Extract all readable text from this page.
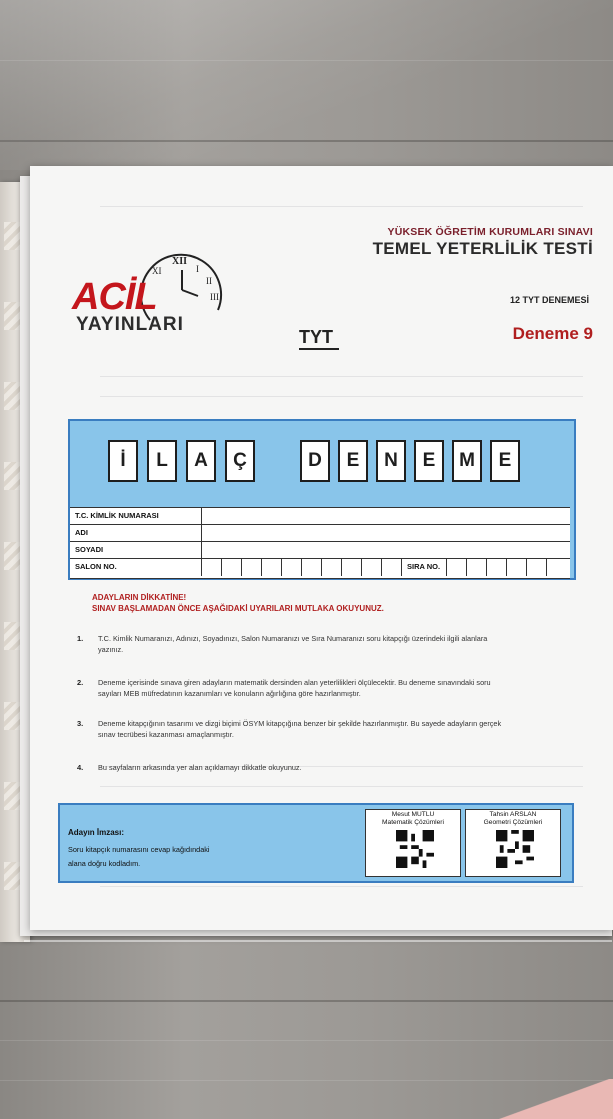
XI
XII
I
II
III
ACİL
YAYINLARI
YÜKSEK ÖĞRETİM KURUMLARI SINAVI
TEMEL YETERLİLİK TESTİ
12 TYT DENEMESİ
TYT	Deneme 9
İ	L	A	Ç	D	E	N	E	M	E
T.C. KİMLİK NUMARASI
ADI
SOYADI
SALON NO.	SIRA NO.
ADAYLARIN DİKKATİNE!
SINAV BAŞLAMADAN ÖNCE AŞAĞIDAKİ UYARILARI MUTLAKA OKUYUNUZ.
1. T.C. Kimlik Numaranızı, Adınızı, Soyadınızı, Salon Numaranızı ve Sıra Numaranızı soru kitapçığı üzerindeki ilgili alanlara yazınız.
2. Deneme içerisinde sınava giren adayların matematik dersinden alan yeterlilikleri ölçülecektir. Bu deneme sınavındaki soru sayıları MEB müfredatının kazanımları ve konuların ağırlığına göre hazırlanmıştır.
3. Deneme kitapçığının tasarımı ve dizgi biçimi ÖSYM kitapçığına benzer bir şekilde hazırlanmıştır. Bu sayede adayların gerçek sınav tecrübesi kazanması amaçlanmıştır.
4. Bu sayfaların arkasında yer alan açıklamayı dikkatle okuyunuz.
Adayın İmzası:
Soru kitapçık numarasını cevap kağıdındaki alana doğru kodladım.
Mesut MUTLU
Matematik Çözümleri
Tahsin ARSLAN
Geometri Çözümleri
